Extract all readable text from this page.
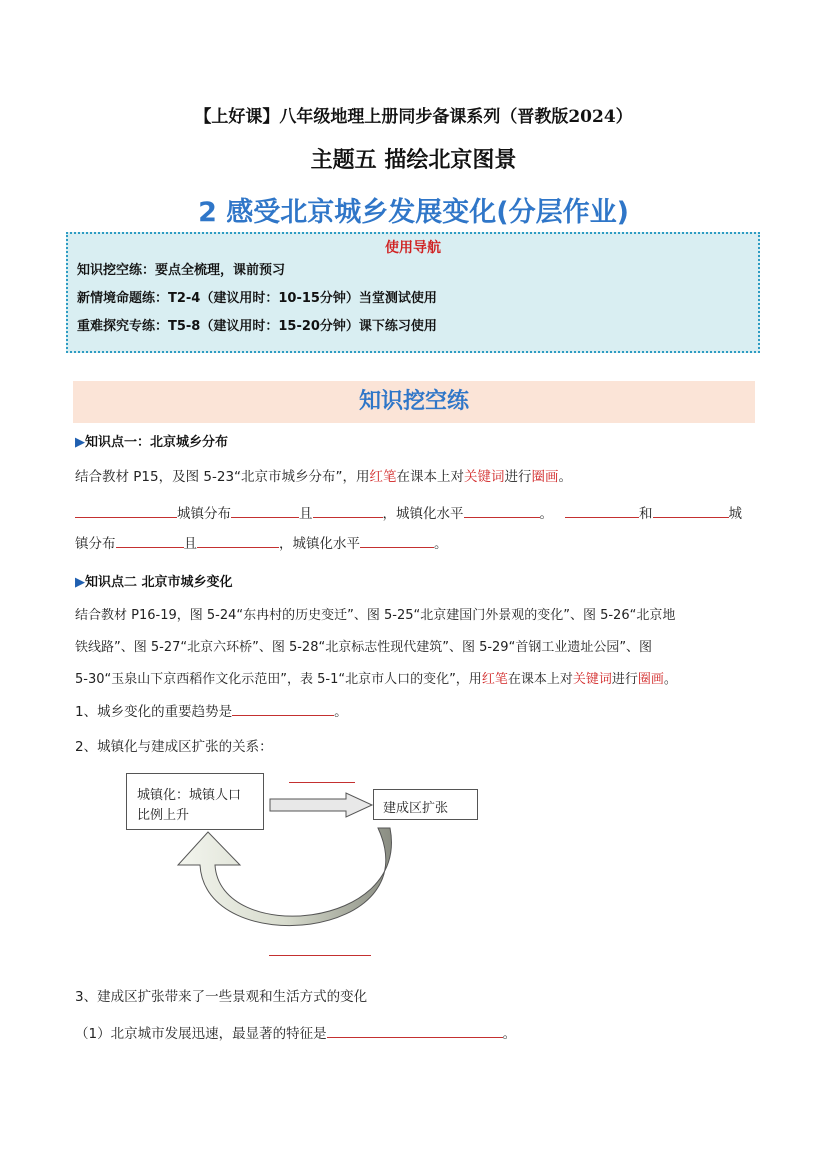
【上好课】八年级地理上册同步备课系列（晋教版2024）
主题五 描绘北京图景
2 感受北京城乡发展变化(分层作业)
使用导航
知识挖空练：要点全梳理，课前预习
新情境命题练：T2-4（建议用时：10-15分钟）当堂测试使用
重难探究专练：T5-8（建议用时：15-20分钟）课下练习使用
知识挖空练
▶知识点一：北京城乡分布
结合教材 P15，及图 5-23“北京市城乡分布”，用红笔在课本上对关键词进行圈画。
城镇分布	且	，城镇化水平	。	和	城
镇分布	且	，城镇化水平	。
▶知识点二 北京市城乡变化
结合教材 P16-19，图 5-24“东冉村的历史变迁”、图 5-25“北京建国门外景观的变化”、图 5-26“北京地
铁线路”、图 5-27“北京六环桥”、图 5-28“北京标志性现代建筑”、图 5-29“首钢工业遗址公园”、图
5-30“玉泉山下京西稻作文化示范田”，表 5-1“北京市人口的变化”，用红笔在课本上对关键词进行圈画。
1、城乡变化的重要趋势是	。
2、城镇化与建成区扩张的关系：
城镇化：城镇人口
比例上升	建成区扩张
3、建成区扩张带来了一些景观和生活方式的变化
（1）北京城市发展迅速，最显著的特征是	。
